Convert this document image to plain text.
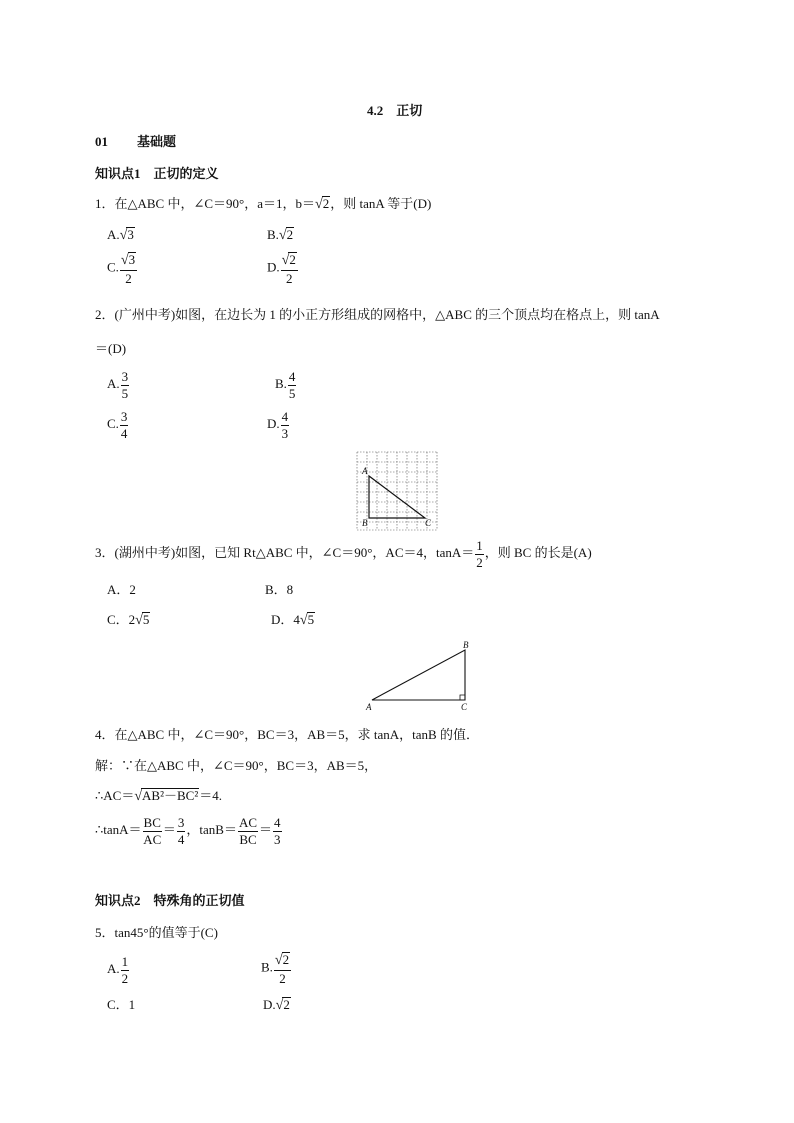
4.2　正切
01 基础题
知识点1　正切的定义
1．在△ABC 中，∠C＝90°，a＝1，b＝√2，则 tanA 等于(D)
A.√3	B.√2
C. $\frac{√3}{2}$	D. $\frac{√2}{2}$
2．(广州中考)如图，在边长为 1 的小正方形组成的网格中，△ABC 的三个顶点均在格点上，则 tanA
＝(D)
A. $\frac{3}{5}$	B. $\frac{4}{5}$
C. $\frac{3}{4}$	D. $\frac{4}{3}$
A
B	C
3．(湖州中考)如图，已知 Rt△ABC 中，∠C＝90°，AC＝4，$\tan A= \frac{1}{2}$ ，则 BC 的长是(A)
A．2	B．8
C．2√5	D．4√5
B
A	C
4．在△ABC 中，∠C＝90°，BC＝3，AB＝5，求 tanA，tanB 的值．
解：∵在△ABC 中，∠C＝90°，BC＝3，AB＝5，
∴AC＝√AB²－BC²＝4.
∴tanA＝ $\frac{BC}{AC} = \frac{3}{4}$ ，$\tan B= \frac{AC}{BC} = \frac{4}{3}$
知识点2　特殊角的正切值
5．tan45°的值等于(C)
A. $\frac{1}{2}$	B. $\frac{√2}{2}$
C．1	D.√2
